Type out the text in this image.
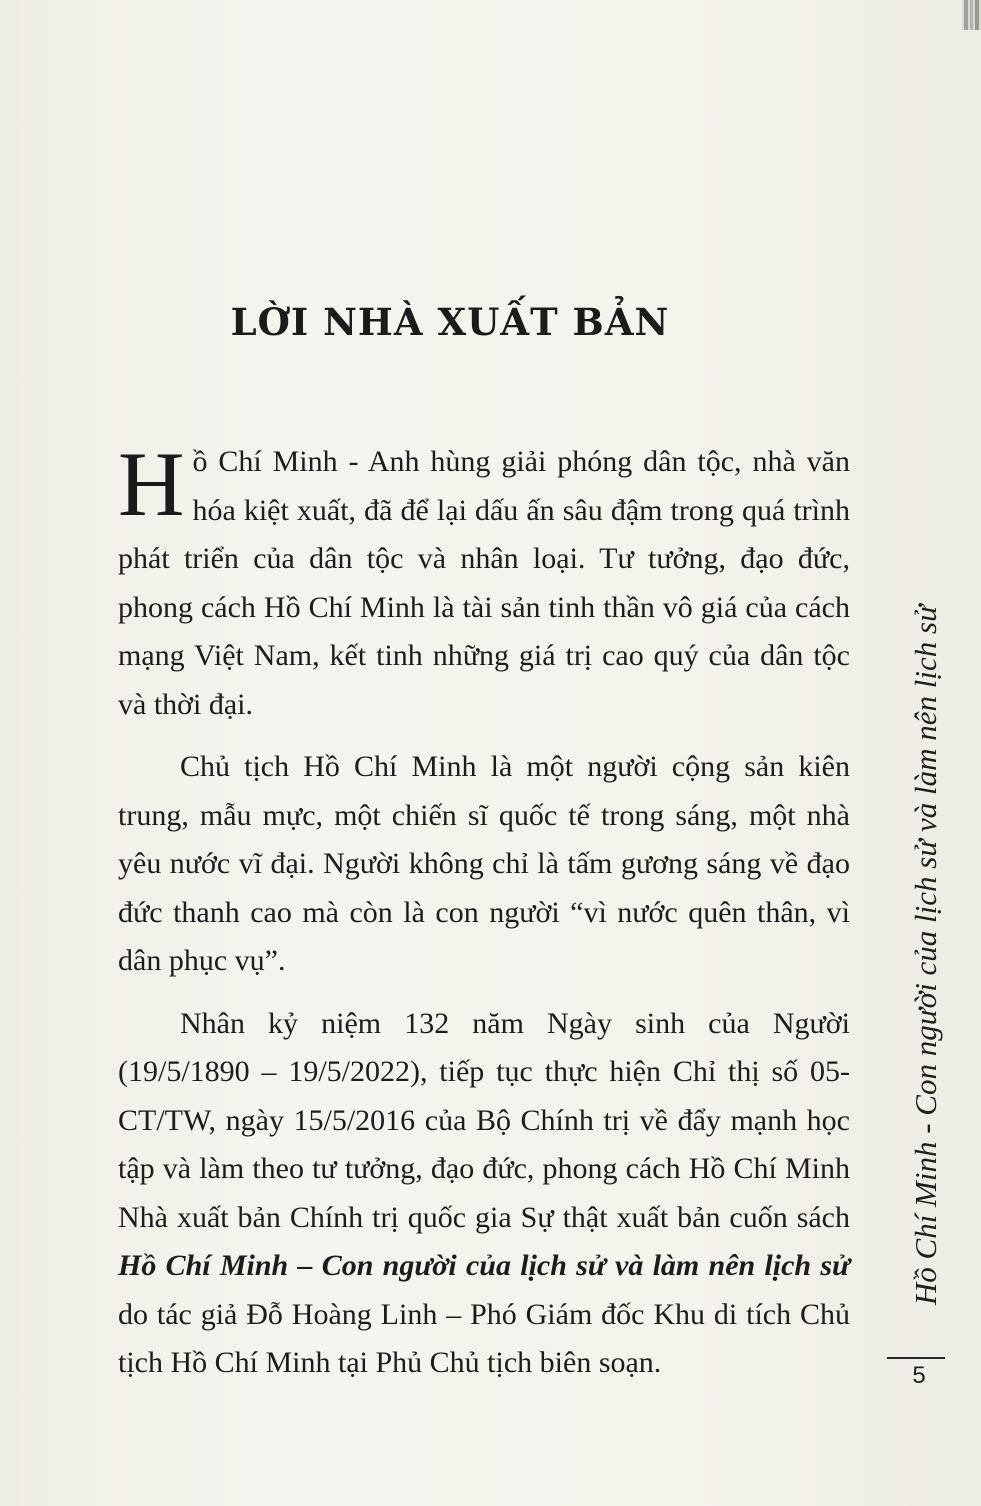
LỜI NHÀ XUẤT BẢN

Hồ Chí Minh - Anh hùng giải phóng dân tộc, nhà văn hóa kiệt xuất, đã để lại dấu ấn sâu đậm trong quá trình phát triển của dân tộc và nhân loại. Tư tưởng, đạo đức, phong cách Hồ Chí Minh là tài sản tinh thần vô giá của cách mạng Việt Nam, kết tinh những giá trị cao quý của dân tộc và thời đại.

Chủ tịch Hồ Chí Minh là một người cộng sản kiên trung, mẫu mực, một chiến sĩ quốc tế trong sáng, một nhà yêu nước vĩ đại. Người không chỉ là tấm gương sáng về đạo đức thanh cao mà còn là con người “vì nước quên thân, vì dân phục vụ”.

Nhân kỷ niệm 132 năm Ngày sinh của Người (19/5/1890 – 19/5/2022), tiếp tục thực hiện Chỉ thị số 05-CT/TW, ngày 15/5/2016 của Bộ Chính trị về đẩy mạnh học tập và làm theo tư tưởng, đạo đức, phong cách Hồ Chí Minh Nhà xuất bản Chính trị quốc gia Sự thật xuất bản cuốn sách Hồ Chí Minh – Con người của lịch sử và làm nên lịch sử do tác giả Đỗ Hoàng Linh – Phó Giám đốc Khu di tích Chủ tịch Hồ Chí Minh tại Phủ Chủ tịch biên soạn.

Hồ Chí Minh - Con người của lịch sử và làm nên lịch sử
5
